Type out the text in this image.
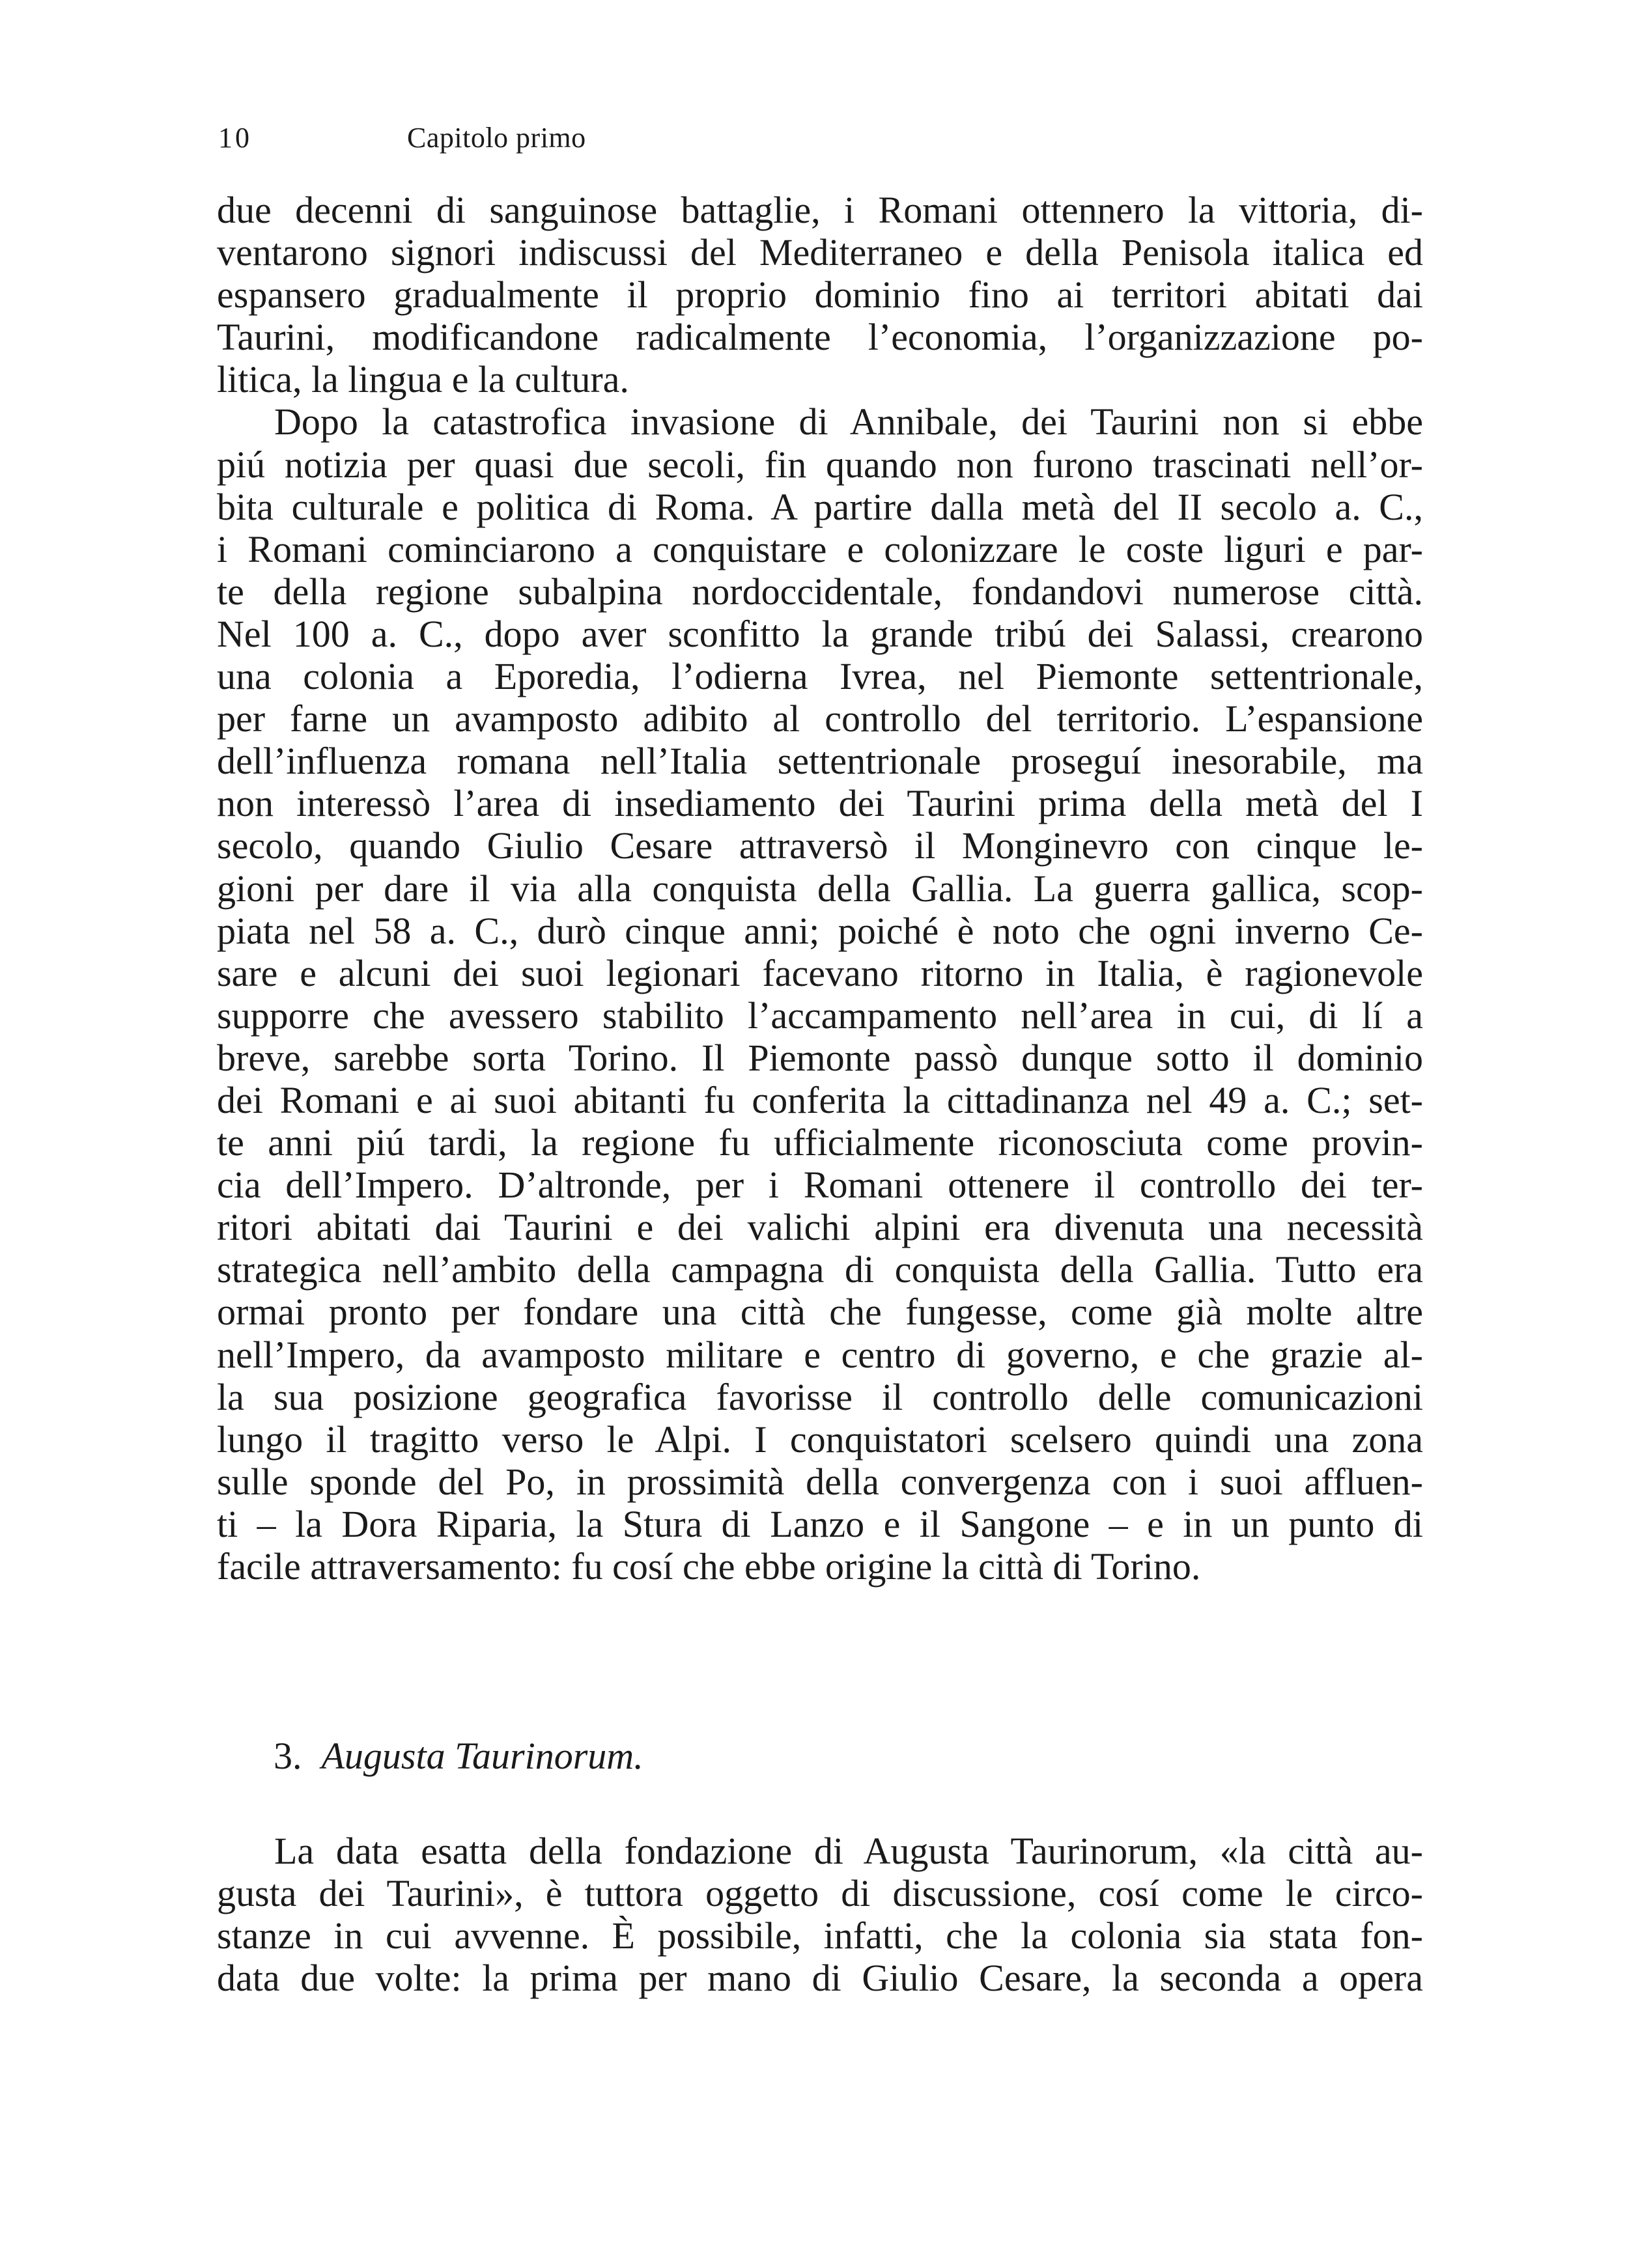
10	Capitolo primo
due decenni di sanguinose battaglie, i Romani ottennero la vittoria, di-
ventarono signori indiscussi del Mediterraneo e della Penisola italica ed
espansero gradualmente il proprio dominio fino ai territori abitati dai
Taurini, modificandone radicalmente l’economia, l’organizzazione po-
litica, la lingua e la cultura.
Dopo la catastrofica invasione di Annibale, dei Taurini non si ebbe
piú notizia per quasi due secoli, fin quando non furono trascinati nell’or-
bita culturale e politica di Roma. A partire dalla metà del II secolo a. C.,
i Romani cominciarono a conquistare e colonizzare le coste liguri e par-
te della regione subalpina nordoccidentale, fondandovi numerose città.
Nel 100 a. C., dopo aver sconfitto la grande tribú dei Salassi, crearono
una colonia a Eporedia, l’odierna Ivrea, nel Piemonte settentrionale,
per farne un avamposto adibito al controllo del territorio. L’espansione
dell’influenza romana nell’Italia settentrionale proseguí inesorabile, ma
non interessò l’area di insediamento dei Taurini prima della metà del I
secolo, quando Giulio Cesare attraversò il Monginevro con cinque le-
gioni per dare il via alla conquista della Gallia. La guerra gallica, scop-
piata nel 58 a. C., durò cinque anni; poiché è noto che ogni inverno Ce-
sare e alcuni dei suoi legionari facevano ritorno in Italia, è ragionevole
supporre che avessero stabilito l’accampamento nell’area in cui, di lí a
breve, sarebbe sorta Torino. Il Piemonte passò dunque sotto il dominio
dei Romani e ai suoi abitanti fu conferita la cittadinanza nel 49 a. C.; set-
te anni piú tardi, la regione fu ufficialmente riconosciuta come provin-
cia dell’Impero. D’altronde, per i Romani ottenere il controllo dei ter-
ritori abitati dai Taurini e dei valichi alpini era divenuta una necessità
strategica nell’ambito della campagna di conquista della Gallia. Tutto era
ormai pronto per fondare una città che fungesse, come già molte altre
nell’Impero, da avamposto militare e centro di governo, e che grazie al-
la sua posizione geografica favorisse il controllo delle comunicazioni
lungo il tragitto verso le Alpi. I conquistatori scelsero quindi una zona
sulle sponde del Po, in prossimità della convergenza con i suoi affluen-
ti – la Dora Riparia, la Stura di Lanzo e il Sangone – e in un punto di
facile attraversamento: fu cosí che ebbe origine la città di Torino.
3. Augusta Taurinorum.
La data esatta della fondazione di Augusta Taurinorum, «la città au-
gusta dei Taurini», è tuttora oggetto di discussione, cosí come le circo-
stanze in cui avvenne. È possibile, infatti, che la colonia sia stata fon-
data due volte: la prima per mano di Giulio Cesare, la seconda a opera
